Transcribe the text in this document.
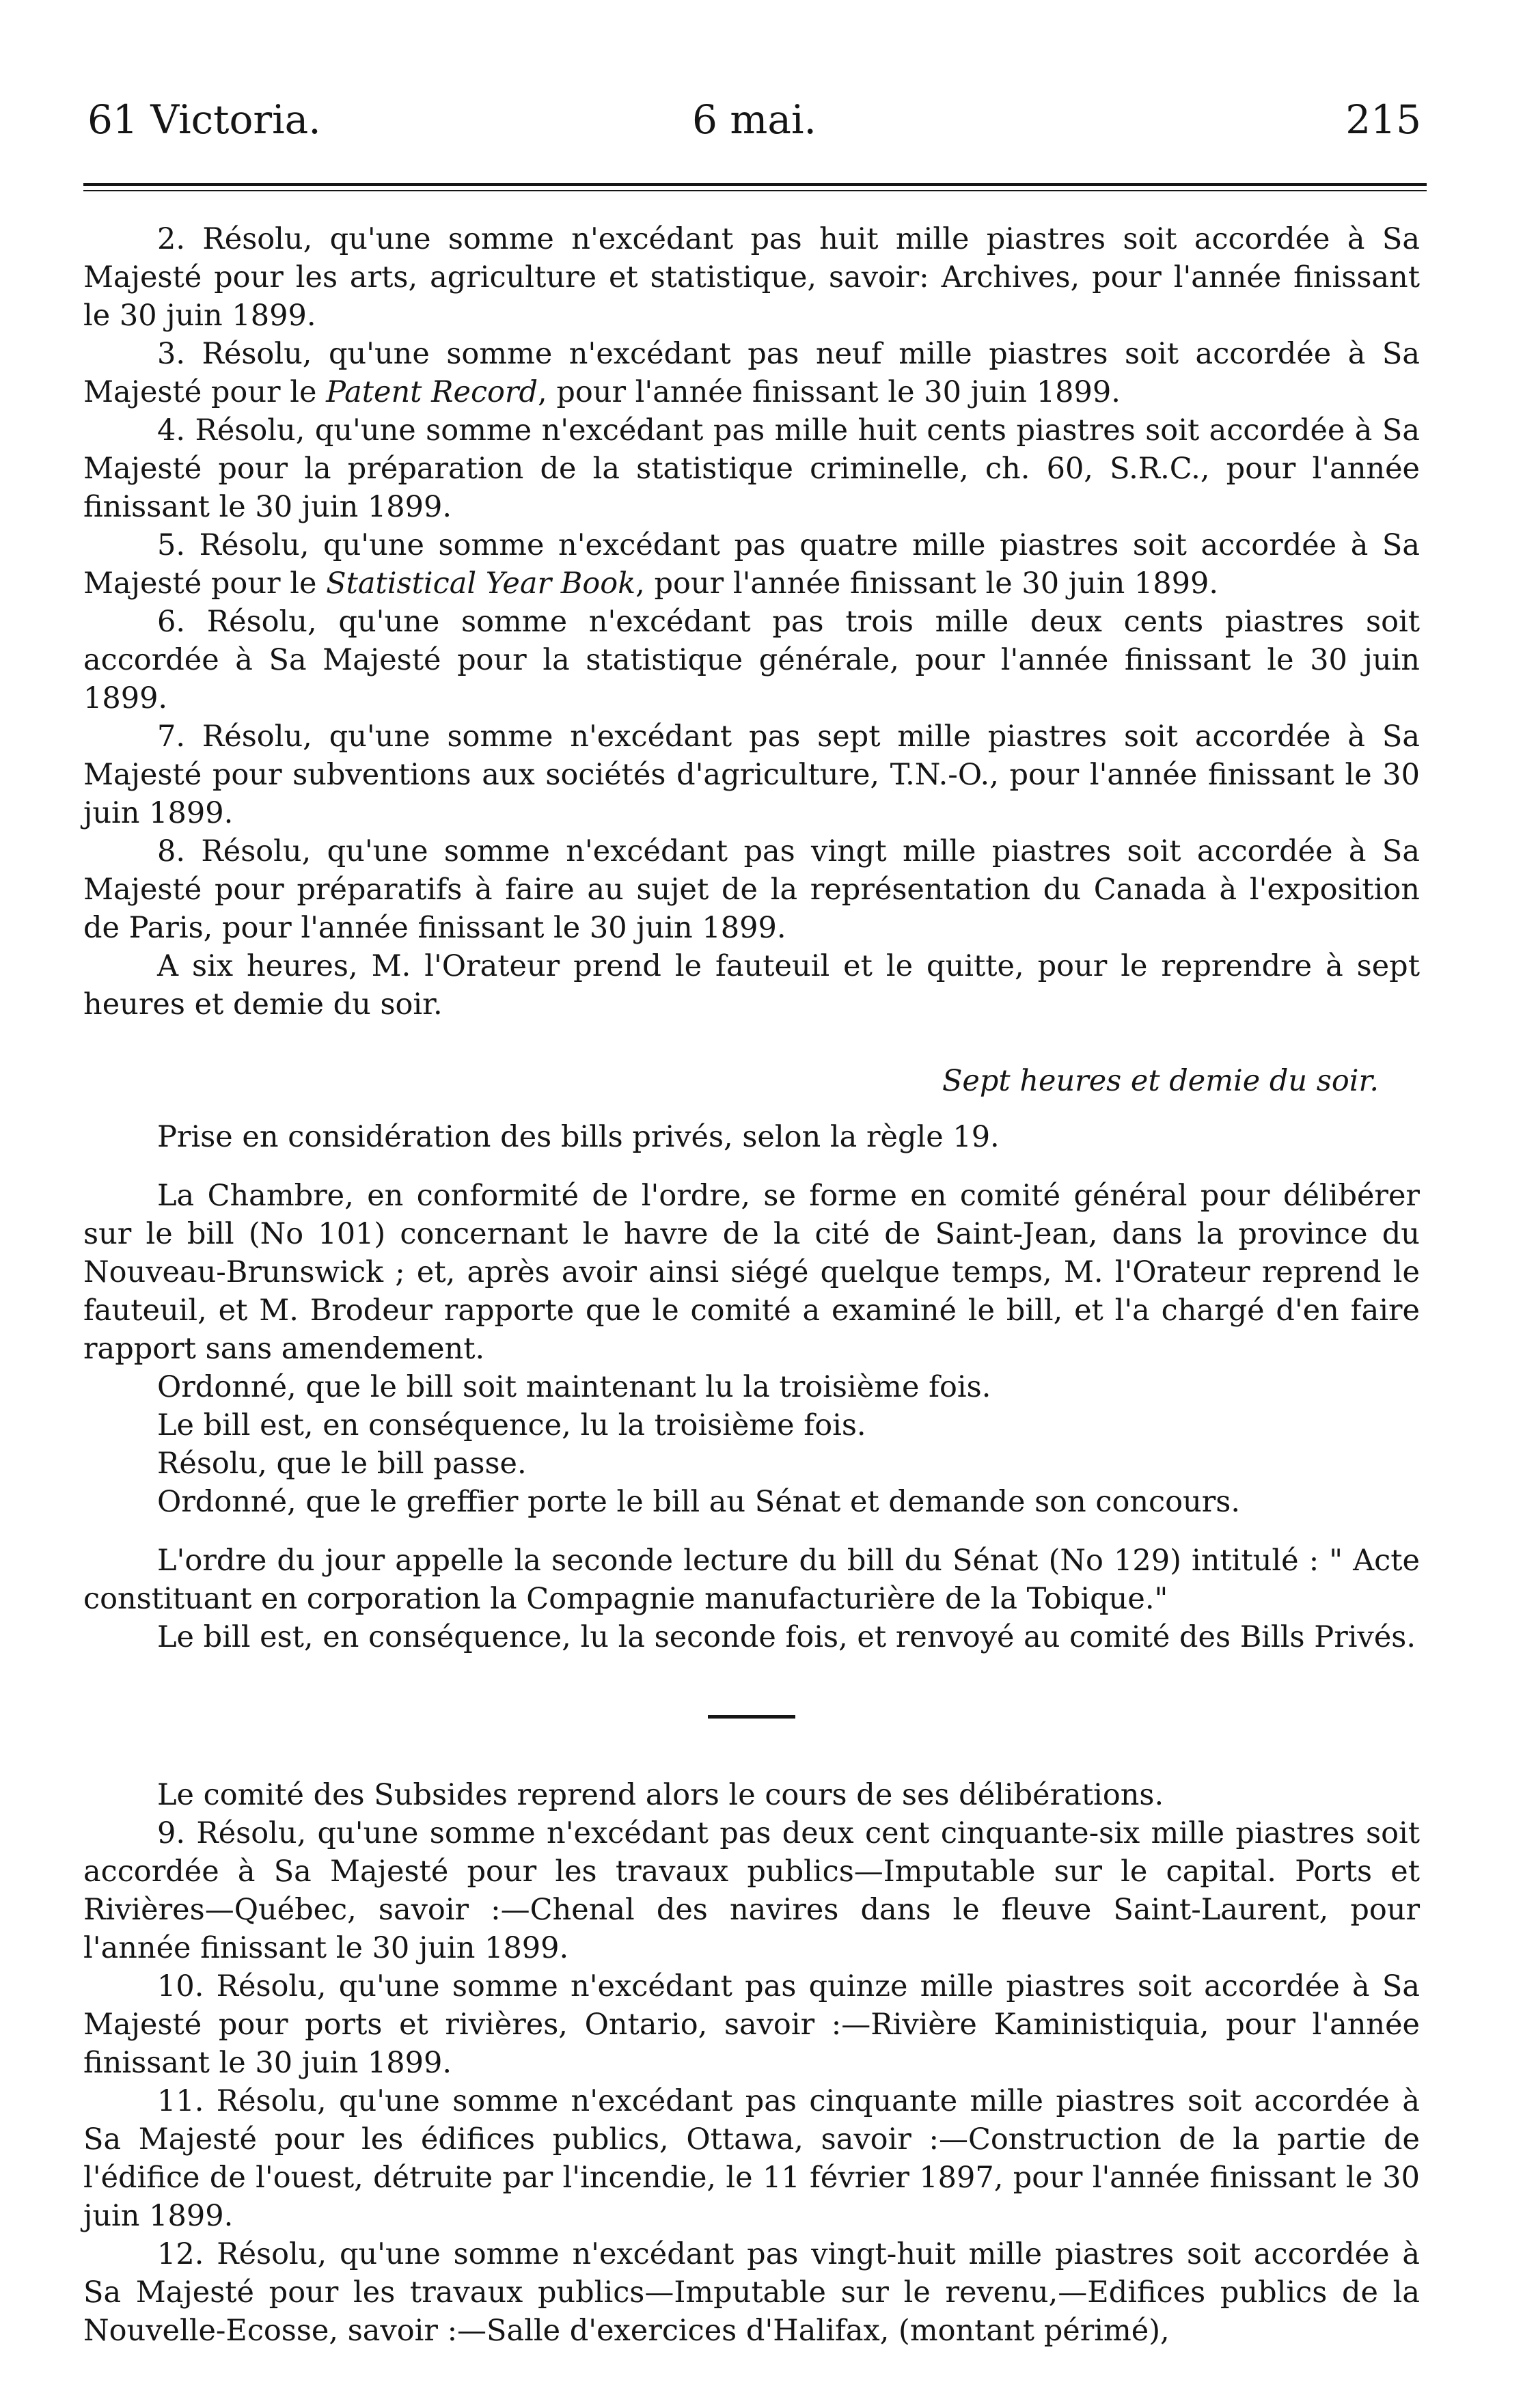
61 Victoria.	6 mai.	215

2. Résolu, qu'une somme n'excédant pas huit mille piastres soit accordée à Sa Majesté pour les arts, agriculture et statistique, savoir: Archives, pour l'année finissant le 30 juin 1899.

3. Résolu, qu'une somme n'excédant pas neuf mille piastres soit accordée à Sa Majesté pour le Patent Record, pour l'année finissant le 30 juin 1899.

4. Résolu, qu'une somme n'excédant pas mille huit cents piastres soit accordée à Sa Majesté pour la préparation de la statistique criminelle, ch. 60, S.R.C., pour l'année finissant le 30 juin 1899.

5. Résolu, qu'une somme n'excédant pas quatre mille piastres soit accordée à Sa Majesté pour le Statistical Year Book, pour l'année finissant le 30 juin 1899.

6. Résolu, qu'une somme n'excédant pas trois mille deux cents piastres soit accordée à Sa Majesté pour la statistique générale, pour l'année finissant le 30 juin 1899.

7. Résolu, qu'une somme n'excédant pas sept mille piastres soit accordée à Sa Majesté pour subventions aux sociétés d'agriculture, T.N.-O., pour l'année finissant le 30 juin 1899.

8. Résolu, qu'une somme n'excédant pas vingt mille piastres soit accordée à Sa Majesté pour préparatifs à faire au sujet de la représentation du Canada à l'exposition de Paris, pour l'année finissant le 30 juin 1899.

A six heures, M. l'Orateur prend le fauteuil et le quitte, pour le reprendre à sept heures et demie du soir.

Sept heures et demie du soir.

Prise en considération des bills privés, selon la règle 19.

La Chambre, en conformité de l'ordre, se forme en comité général pour délibérer sur le bill (No 101) concernant le havre de la cité de Saint-Jean, dans la province du Nouveau-Brunswick ; et, après avoir ainsi siégé quelque temps, M. l'Orateur reprend le fauteuil, et M. Brodeur rapporte que le comité a examiné le bill, et l'a chargé d'en faire rapport sans amendement.

Ordonné, que le bill soit maintenant lu la troisième fois.

Le bill est, en conséquence, lu la troisième fois.

Résolu, que le bill passe.

Ordonné, que le greffier porte le bill au Sénat et demande son concours.

L'ordre du jour appelle la seconde lecture du bill du Sénat (No 129) intitulé : " Acte constituant en corporation la Compagnie manufacturière de la Tobique."

Le bill est, en conséquence, lu la seconde fois, et renvoyé au comité des Bills Privés.

Le comité des Subsides reprend alors le cours de ses délibérations.

9. Résolu, qu'une somme n'excédant pas deux cent cinquante-six mille piastres soit accordée à Sa Majesté pour les travaux publics—Imputable sur le capital. Ports et Rivières—Québec, savoir :—Chenal des navires dans le fleuve Saint-Laurent, pour l'année finissant le 30 juin 1899.

10. Résolu, qu'une somme n'excédant pas quinze mille piastres soit accordée à Sa Majesté pour ports et rivières, Ontario, savoir :—Rivière Kaministiquia, pour l'année finissant le 30 juin 1899.

11. Résolu, qu'une somme n'excédant pas cinquante mille piastres soit accordée à Sa Majesté pour les édifices publics, Ottawa, savoir :—Construction de la partie de l'édifice de l'ouest, détruite par l'incendie, le 11 février 1897, pour l'année finissant le 30 juin 1899.

12. Résolu, qu'une somme n'excédant pas vingt-huit mille piastres soit accordée à Sa Majesté pour les travaux publics—Imputable sur le revenu,—Edifices publics de la Nouvelle-Ecosse, savoir :—Salle d'exercices d'Halifax, (montant périmé),
